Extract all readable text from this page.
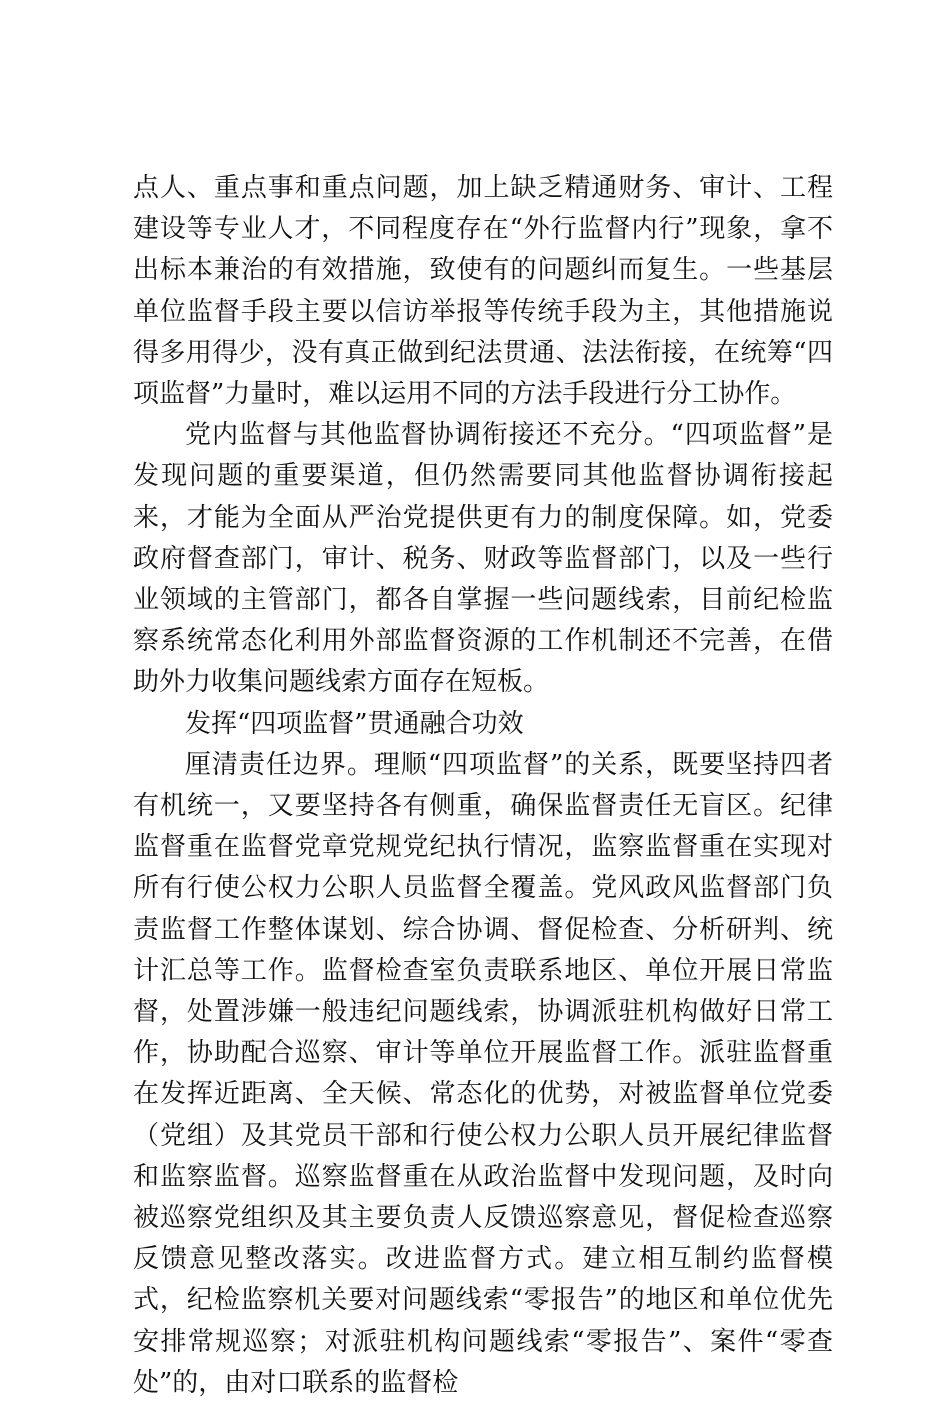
点人、重点事和重点问题，加上缺乏精通财务、审计、工程建设等专业人才，不同程度存在“外行监督内行”现象，拿不出标本兼治的有效措施，致使有的问题纠而复生。一些基层单位监督手段主要以信访举报等传统手段为主，其他措施说得多用得少，没有真正做到纪法贯通、法法衔接，在统筹“四项监督”力量时，难以运用不同的方法手段进行分工协作。

党内监督与其他监督协调衔接还不充分。“四项监督”是发现问题的重要渠道，但仍然需要同其他监督协调衔接起来，才能为全面从严治党提供更有力的制度保障。如，党委政府督查部门，审计、税务、财政等监督部门，以及一些行业领域的主管部门，都各自掌握一些问题线索，目前纪检监察系统常态化利用外部监督资源的工作机制还不完善，在借助外力收集问题线索方面存在短板。

发挥“四项监督”贯通融合功效

厘清责任边界。理顺“四项监督”的关系，既要坚持四者有机统一，又要坚持各有侧重，确保监督责任无盲区。纪律监督重在监督党章党规党纪执行情况，监察监督重在实现对所有行使公权力公职人员监督全覆盖。党风政风监督部门负责监督工作整体谋划、综合协调、督促检查、分析研判、统计汇总等工作。监督检查室负责联系地区、单位开展日常监督，处置涉嫌一般违纪问题线索，协调派驻机构做好日常工作，协助配合巡察、审计等单位开展监督工作。派驻监督重在发挥近距离、全天候、常态化的优势，对被监督单位党委（党组）及其党员干部和行使公权力公职人员开展纪律监督和监察监督。巡察监督重在从政治监督中发现问题，及时向被巡察党组织及其主要负责人反馈巡察意见，督促检查巡察反馈意见整改落实。改进监督方式。建立相互制约监督模式，纪检监察机关要对问题线索“零报告”的地区和单位优先安排常规巡察；对派驻机构问题线索“零报告”、案件“零查处”的，由对口联系的监督检
